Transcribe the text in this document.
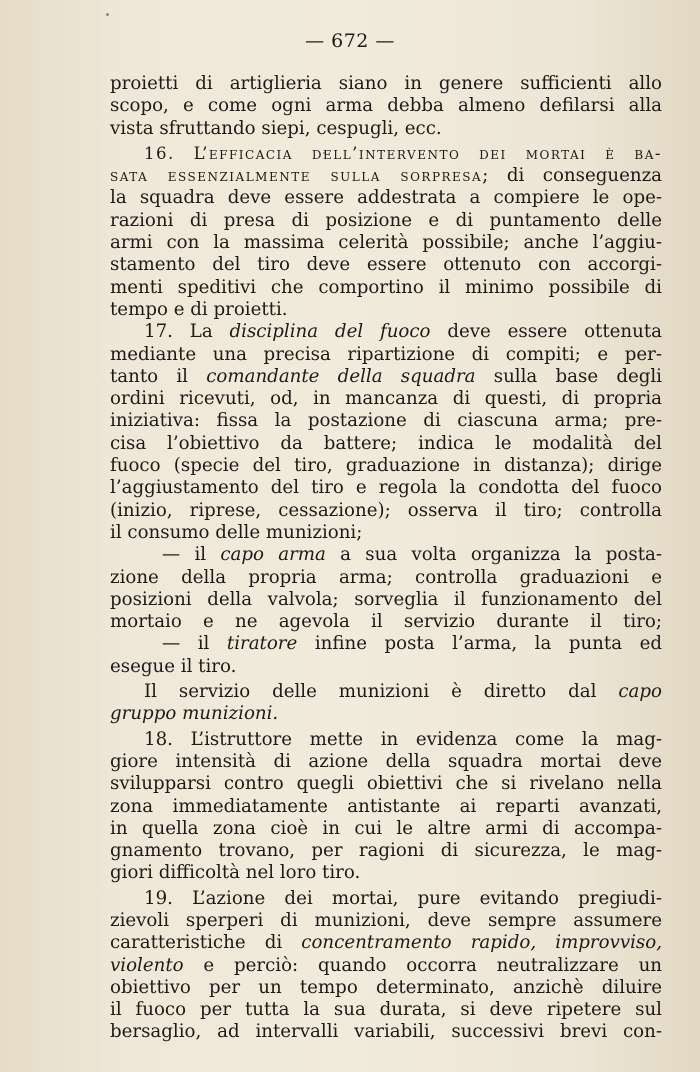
— 672 —
proietti di artiglieria siano in genere sufficienti allo
scopo, e come ogni arma debba almeno defilarsi alla
vista sfruttando siepi, cespugli, ecc.
16. L’efficacia dell’intervento dei mortai è ba-
sata essenzialmente sulla sorpresa; di conseguenza
la squadra deve essere addestrata a compiere le ope-
razioni di presa di posizione e di puntamento delle
armi con la massima celerità possibile; anche l’aggiu-
stamento del tiro deve essere ottenuto con accorgi-
menti speditivi che comportino il minimo possibile di
tempo e di proietti.
17. La disciplina del fuoco deve essere ottenuta
mediante una precisa ripartizione di compiti; e per-
tanto il comandante della squadra sulla base degli
ordini ricevuti, od, in mancanza di questi, di propria
iniziativa: fissa la postazione di ciascuna arma; pre-
cisa l’obiettivo da battere; indica le modalità del
fuoco (specie del tiro, graduazione in distanza); dirige
l’aggiustamento del tiro e regola la condotta del fuoco
(inizio, riprese, cessazione); osserva il tiro; controlla
il consumo delle munizioni;
— il capo arma a sua volta organizza la posta-
zione della propria arma; controlla graduazioni e
posizioni della valvola; sorveglia il funzionamento del
mortaio e ne agevola il servizio durante il tiro;
— il tiratore infine posta l’arma, la punta ed
esegue il tiro.
Il servizio delle munizioni è diretto dal capo
gruppo munizioni.
18. L’istruttore mette in evidenza come la mag-
giore intensità di azione della squadra mortai deve
svilupparsi contro quegli obiettivi che si rivelano nella
zona immediatamente antistante ai reparti avanzati,
in quella zona cioè in cui le altre armi di accompa-
gnamento trovano, per ragioni di sicurezza, le mag-
giori difficoltà nel loro tiro.
19. L’azione dei mortai, pure evitando pregiudi-
zievoli sperperi di munizioni, deve sempre assumere
caratteristiche di concentramento rapido, improvviso,
violento e perciò: quando occorra neutralizzare un
obiettivo per un tempo determinato, anzichè diluire
il fuoco per tutta la sua durata, si deve ripetere sul
bersaglio, ad intervalli variabili, successivi brevi con-
